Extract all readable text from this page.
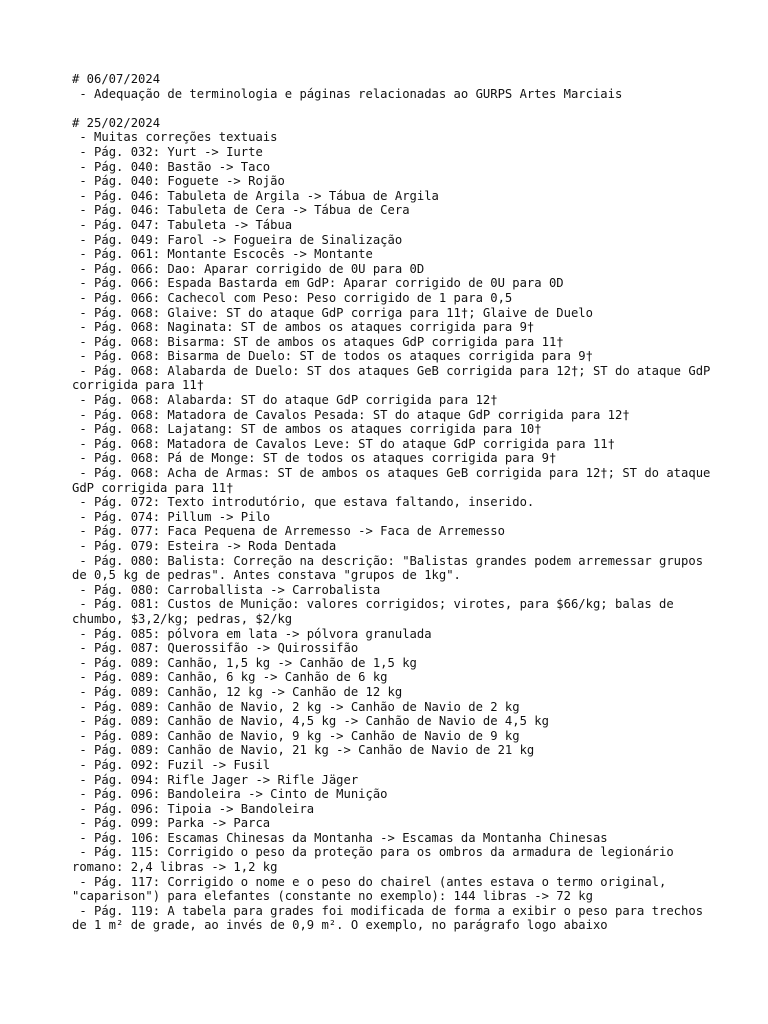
# 06/07/2024
- Adequação de terminologia e páginas relacionadas ao GURPS Artes Marciais
# 25/02/2024
- Muitas correções textuais
- Pág. 032: Yurt -> Iurte
- Pág. 040: Bastão -> Taco
- Pág. 040: Foguete -> Rojão
- Pág. 046: Tabuleta de Argila -> Tábua de Argila
- Pág. 046: Tabuleta de Cera -> Tábua de Cera
- Pág. 047: Tabuleta -> Tábua
- Pág. 049: Farol -> Fogueira de Sinalização
- Pág. 061: Montante Escocês -> Montante
- Pág. 066: Dao: Aparar corrigido de 0U para 0D
- Pág. 066: Espada Bastarda em GdP: Aparar corrigido de 0U para 0D
- Pág. 066: Cachecol com Peso: Peso corrigido de 1 para 0,5
- Pág. 068: Glaive: ST do ataque GdP corriga para 11†; Glaive de Duelo
- Pág. 068: Naginata: ST de ambos os ataques corrigida para 9†
- Pág. 068: Bisarma: ST de ambos os ataques GdP corrigida para 11†
- Pág. 068: Bisarma de Duelo: ST de todos os ataques corrigida para 9†
- Pág. 068: Alabarda de Duelo: ST dos ataques GeB corrigida para 12†; ST do ataque GdP corrigida para 11†
- Pág. 068: Alabarda: ST do ataque GdP corrigida para 12†
- Pág. 068: Matadora de Cavalos Pesada: ST do ataque GdP corrigida para 12†
- Pág. 068: Lajatang: ST de ambos os ataques corrigida para 10†
- Pág. 068: Matadora de Cavalos Leve: ST do ataque GdP corrigida para 11†
- Pág. 068: Pá de Monge: ST de todos os ataques corrigida para 9†
- Pág. 068: Acha de Armas: ST de ambos os ataques GeB corrigida para 12†; ST do ataque GdP corrigida para 11†
- Pág. 072: Texto introdutório, que estava faltando, inserido.
- Pág. 074: Pillum -> Pilo
- Pág. 077: Faca Pequena de Arremesso -> Faca de Arremesso
- Pág. 079: Esteira -> Roda Dentada
- Pág. 080: Balista: Correção na descrição: "Balistas grandes podem arremessar grupos de 0,5 kg de pedras". Antes constava "grupos de 1kg".
- Pág. 080: Carroballista -> Carrobalista
- Pág. 081: Custos de Munição: valores corrigidos; virotes, para $66/kg; balas de chumbo, $3,2/kg; pedras, $2/kg
- Pág. 085: pólvora em lata -> pólvora granulada
- Pág. 087: Querossifão -> Quirossifão
- Pág. 089: Canhão, 1,5 kg -> Canhão de 1,5 kg
- Pág. 089: Canhão, 6 kg -> Canhão de 6 kg
- Pág. 089: Canhão, 12 kg -> Canhão de 12 kg
- Pág. 089: Canhão de Navio, 2 kg -> Canhão de Navio de 2 kg
- Pág. 089: Canhão de Navio, 4,5 kg -> Canhão de Navio de 4,5 kg
- Pág. 089: Canhão de Navio, 9 kg -> Canhão de Navio de 9 kg
- Pág. 089: Canhão de Navio, 21 kg -> Canhão de Navio de 21 kg
- Pág. 092: Fuzil -> Fusil
- Pág. 094: Rifle Jager -> Rifle Jäger
- Pág. 096: Bandoleira -> Cinto de Munição
- Pág. 096: Tipoia -> Bandoleira
- Pág. 099: Parka -> Parca
- Pág. 106: Escamas Chinesas da Montanha -> Escamas da Montanha Chinesas
- Pág. 115: Corrigido o peso da proteção para os ombros da armadura de legionário romano: 2,4 libras -> 1,2 kg
- Pág. 117: Corrigido o nome e o peso do chairel (antes estava o termo original, "caparison") para elefantes (constante no exemplo): 144 libras -> 72 kg
- Pág. 119: A tabela para grades foi modificada de forma a exibir o peso para trechos de 1 m² de grade, ao invés de 0,9 m². O exemplo, no parágrafo logo abaixo
